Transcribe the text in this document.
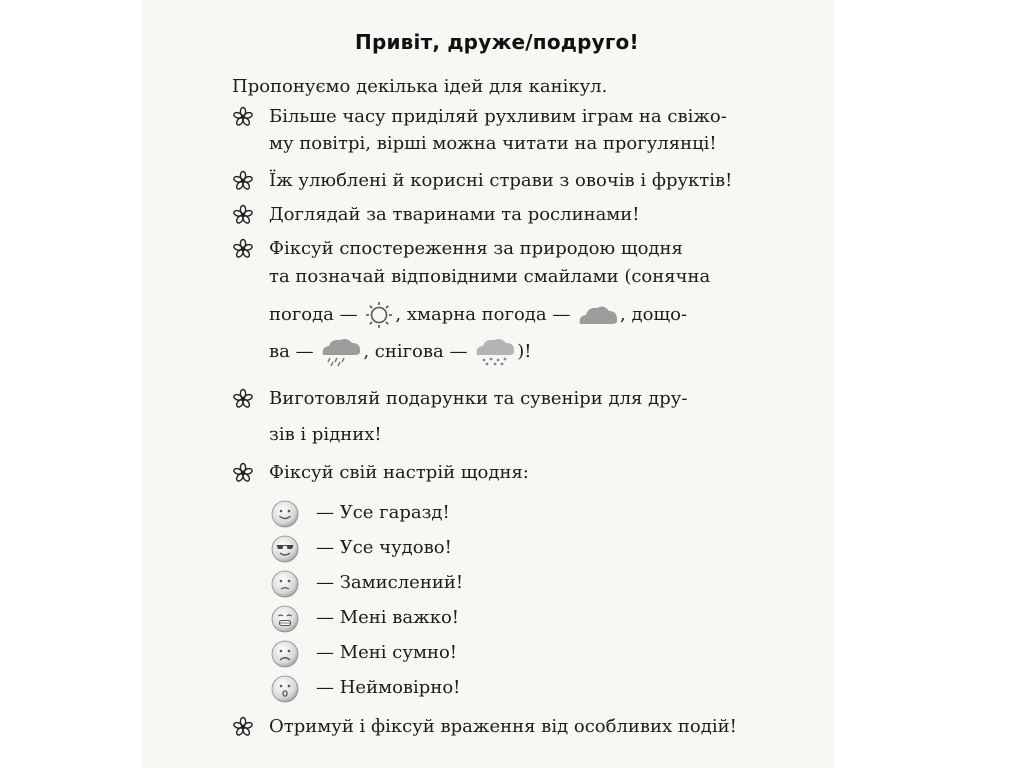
Привіт, друже/подруго!
Пропонуємо декілька ідей для канікул.
Більше часу приділяй рухливим іграм на свіжо-
му повітрі, вірші можна читати на прогулянці!
Їж улюблені й корисні страви з овочів і фруктів!
Доглядай за тваринами та рослинами!
Фіксуй спостереження за природою щодня
та позначай відповідними смайлами (сонячна
погода — , хмарна погода —	, дощо-
ва —	, снігова —	)!
Виготовляй подарунки та сувеніри для дру-
зів і рідних!
Фіксуй свій настрій щодня:
— Усе гаразд!
— Усе чудово!
— Замислений!
— Мені важко!
— Мені сумно!
— Неймовірно!
Отримуй і фіксуй враження від особливих подій!
